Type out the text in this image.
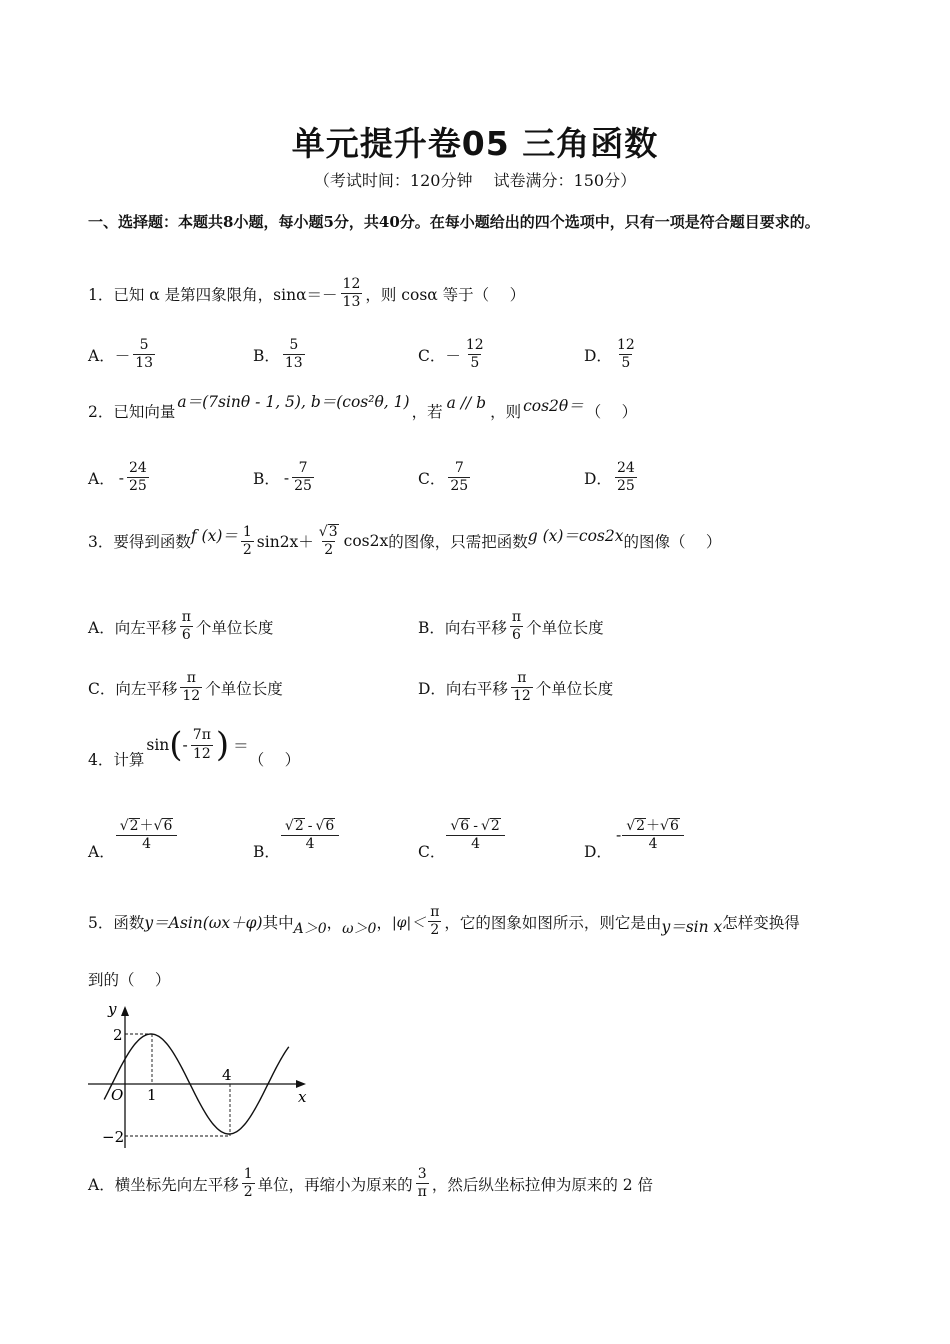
单元提升卷05 三角函数
（考试时间：120分钟　 试卷满分：150分）
一、选择题：本题共8小题，每小题5分，共40分。在每小题给出的四个选项中，只有一项是符合题目要求的。
1．已知 α 是第四象限角，$\sin\alpha=- \frac{12}{13}$ ，则 cosα 等于（　 ）
A． － $\frac{5}{13}$	B． $\frac{5}{13}$	C． － $\frac{12}{5}$	D． $\frac{12}{5}$
2．已知向量
a＝(7sinθ - 1, 5), b＝(cos²θ, 1)
，若 a // b ，则 cos2θ＝ （　 ）
A． - $\frac{24}{25}$	B． - $\frac{7}{25}$	C． $\frac{7}{25}$	D． $\frac{24}{25}$
3．要得到函数 f $(x)= \frac{1}{2} \sin 2x+ \frac{√ 3}{2} \cos 2x$ 的图像，只需把函数 g (x)＝cos2x 的图像（　 ）
A．向左平移 $\frac{\pi}{6}$ 个单位长度	B．向右平移 $\frac{\pi}{6}$ 个单位长度
C．向左平移 $\frac{\pi}{12}$ 个单位长度	D．向右平移 $\frac{\pi}{12}$ 个单位长度
4．计算
sin ( - $\frac{7\pi}{12}$ ) ＝
（　 ）
A． $\frac{√ 2 + √ 6}{4}$	B． $\frac{√ 2 - √ 6}{4}$	C． $\frac{√ 6 - √ 2}{4}$	D．
- $\frac{√ 2 + √ 6}{4}$
5．函数 y＝Asin(ωx＋φ) 其中 A＞0 ， ω＞0 ， $|\varphi|< \frac{\pi}{2}$ ，它的图象如图所示，则它是由 y＝sin x 怎样变换得
到的（　 ）
y
x
O
2
−2
1
4
A．横坐标先向左平移 $\frac{1}{2}$ 单位，再缩小为原来的 $\frac{3}{\pi}$ ，然后纵坐标拉伸为原来的 2 倍
